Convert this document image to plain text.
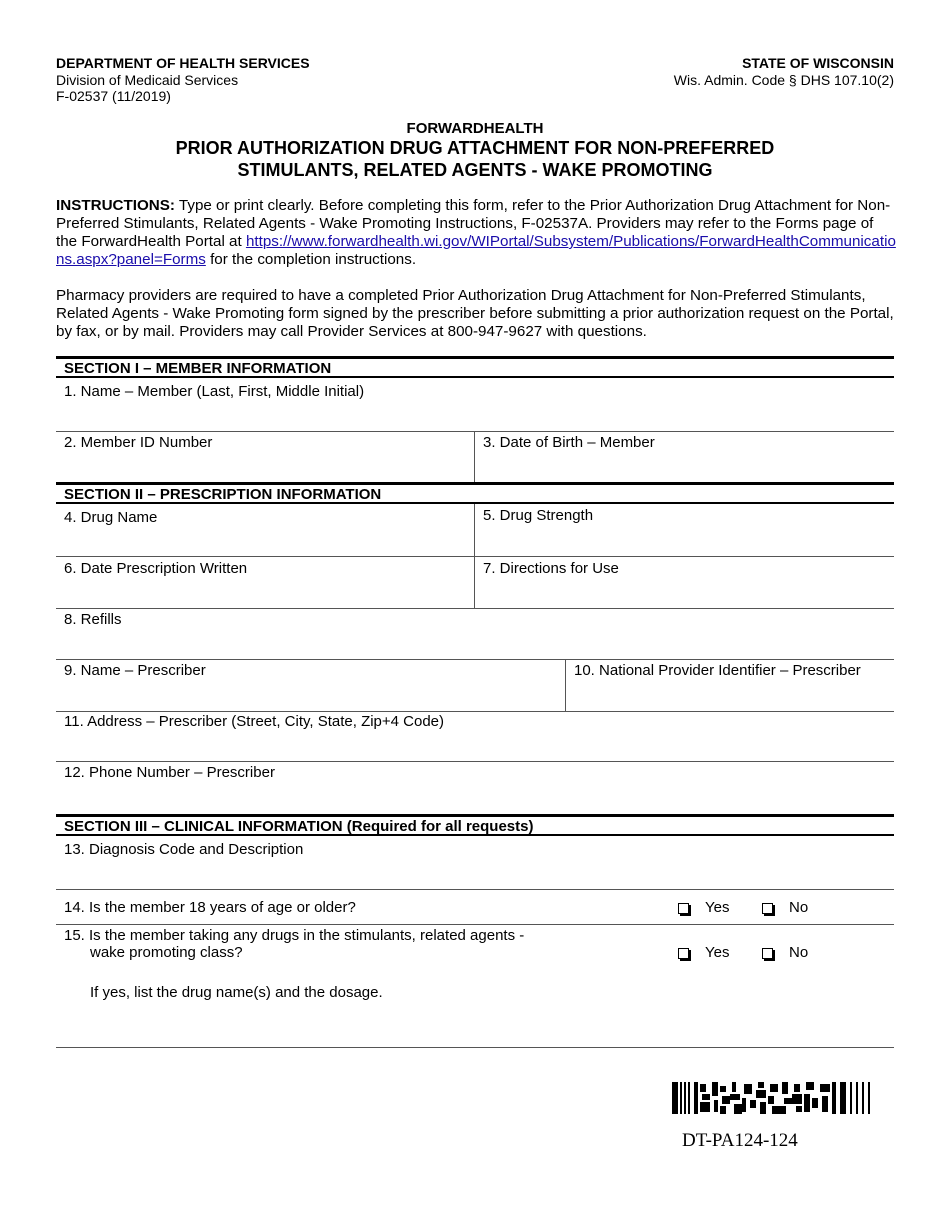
DEPARTMENT OF HEALTH SERVICES
Division of Medicaid Services
F-02537 (11/2019)
STATE OF WISCONSIN
Wis. Admin. Code § DHS 107.10(2)
FORWARDHEALTH
PRIOR AUTHORIZATION DRUG ATTACHMENT FOR NON-PREFERRED
STIMULANTS, RELATED AGENTS - WAKE PROMOTING
INSTRUCTIONS: Type or print clearly. Before completing this form, refer to the Prior Authorization Drug Attachment for Non-Preferred Stimulants, Related Agents - Wake Promoting Instructions, F-02537A. Providers may refer to the Forms page of the ForwardHealth Portal at https://www.forwardhealth.wi.gov/WIPortal/Subsystem/Publications/ForwardHealthCommunications.aspx?panel=Forms for the completion instructions.
Pharmacy providers are required to have a completed Prior Authorization Drug Attachment for Non-Preferred Stimulants, Related Agents - Wake Promoting form signed by the prescriber before submitting a prior authorization request on the Portal, by fax, or by mail. Providers may call Provider Services at 800-947-9627 with questions.
SECTION I – MEMBER INFORMATION
1. Name – Member (Last, First, Middle Initial)
2. Member ID Number	3. Date of Birth – Member
SECTION II – PRESCRIPTION INFORMATION
4. Drug Name	5. Drug Strength
6. Date Prescription Written	7. Directions for Use
8. Refills
9. Name – Prescriber	10. National Provider Identifier – Prescriber
11. Address – Prescriber (Street, City, State, Zip+4 Code)
12. Phone Number – Prescriber
SECTION III – CLINICAL INFORMATION (Required for all requests)
13. Diagnosis Code and Description
14. Is the member 18 years of age or older?	Yes	No
15. Is the member taking any drugs in the stimulants, related agents -
wake promoting class?	Yes	No
If yes, list the drug name(s) and the dosage.
DT-PA124-124
